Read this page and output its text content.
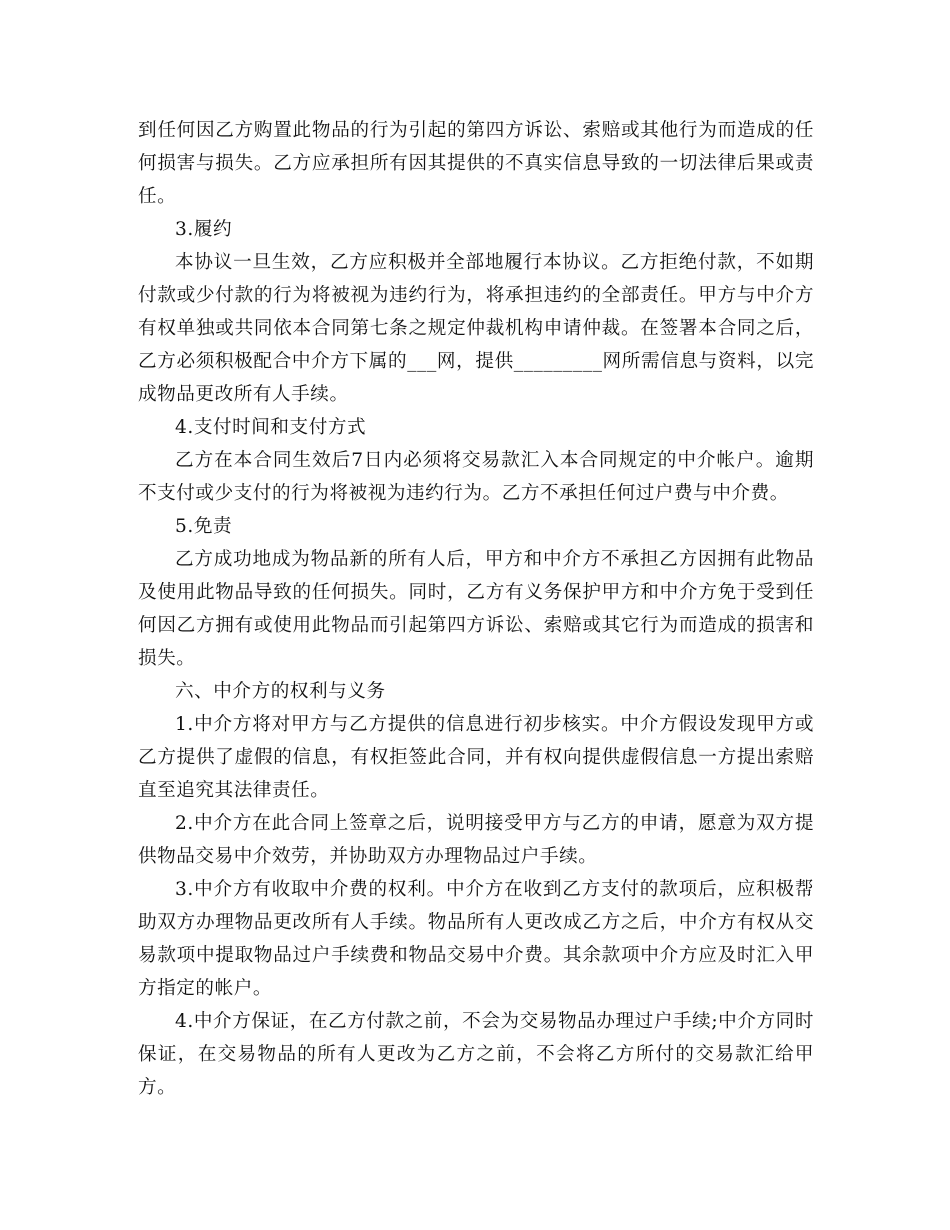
到任何因乙方购置此物品的行为引起的第四方诉讼、索赔或其他行为而造成的任何损害与损失。乙方应承担所有因其提供的不真实信息导致的一切法律后果或责任。

3.履约

本协议一旦生效，乙方应积极并全部地履行本协议。乙方拒绝付款，不如期付款或少付款的行为将被视为违约行为，将承担违约的全部责任。甲方与中介方有权单独或共同依本合同第七条之规定仲裁机构申请仲裁。在签署本合同之后，乙方必须积极配合中介方下属的___网，提供_________网所需信息与资料，以完成物品更改所有人手续。

4.支付时间和支付方式

乙方在本合同生效后7日内必须将交易款汇入本合同规定的中介帐户。逾期不支付或少支付的行为将被视为违约行为。乙方不承担任何过户费与中介费。

5.免责

乙方成功地成为物品新的所有人后，甲方和中介方不承担乙方因拥有此物品及使用此物品导致的任何损失。同时，乙方有义务保护甲方和中介方免于受到任何因乙方拥有或使用此物品而引起第四方诉讼、索赔或其它行为而造成的损害和损失。

六、中介方的权利与义务

1.中介方将对甲方与乙方提供的信息进行初步核实。中介方假设发现甲方或乙方提供了虚假的信息，有权拒签此合同，并有权向提供虚假信息一方提出索赔直至追究其法律责任。

2.中介方在此合同上签章之后，说明接受甲方与乙方的申请，愿意为双方提供物品交易中介效劳，并协助双方办理物品过户手续。

3.中介方有收取中介费的权利。中介方在收到乙方支付的款项后，应积极帮助双方办理物品更改所有人手续。物品所有人更改成乙方之后，中介方有权从交易款项中提取物品过户手续费和物品交易中介费。其余款项中介方应及时汇入甲方指定的帐户。

4.中介方保证，在乙方付款之前，不会为交易物品办理过户手续;中介方同时保证，在交易物品的所有人更改为乙方之前，不会将乙方所付的交易款汇给甲方。
